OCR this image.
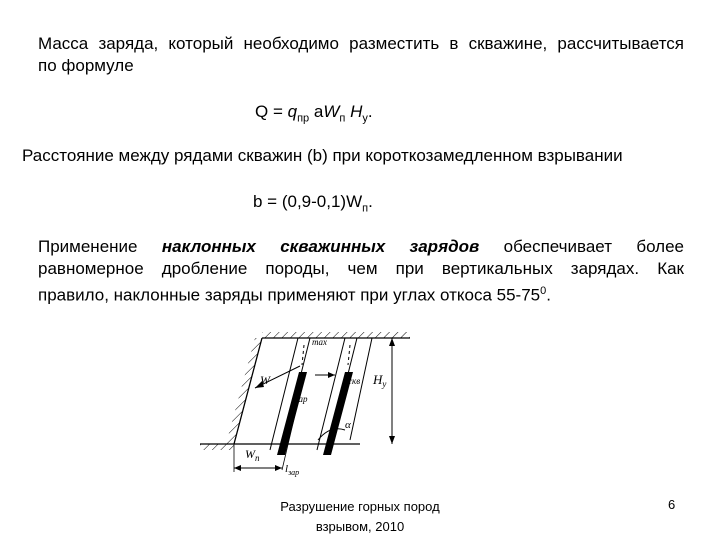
Масса заряда, который необходимо разместить в скважине, рассчитывается
по формуле
$Q = q_{пр}$ $aW_п$ $H_у$.
Расстояние между рядами скважин (b) при короткозамедленном взрывании
$b = (0,9-0,1)W_п$.
Применение наклонных скважинных зарядов обеспечивает более
равномерное дробление породы, чем при вертикальных зарядах. Как
правило, наклонные заряды применяют при углах откоса $55-75^0$.
max
W	скв $H_у$
зар
α
$W_п$
$l_{зар}$
Разрушение горных пород
взрывом, 2010
6
